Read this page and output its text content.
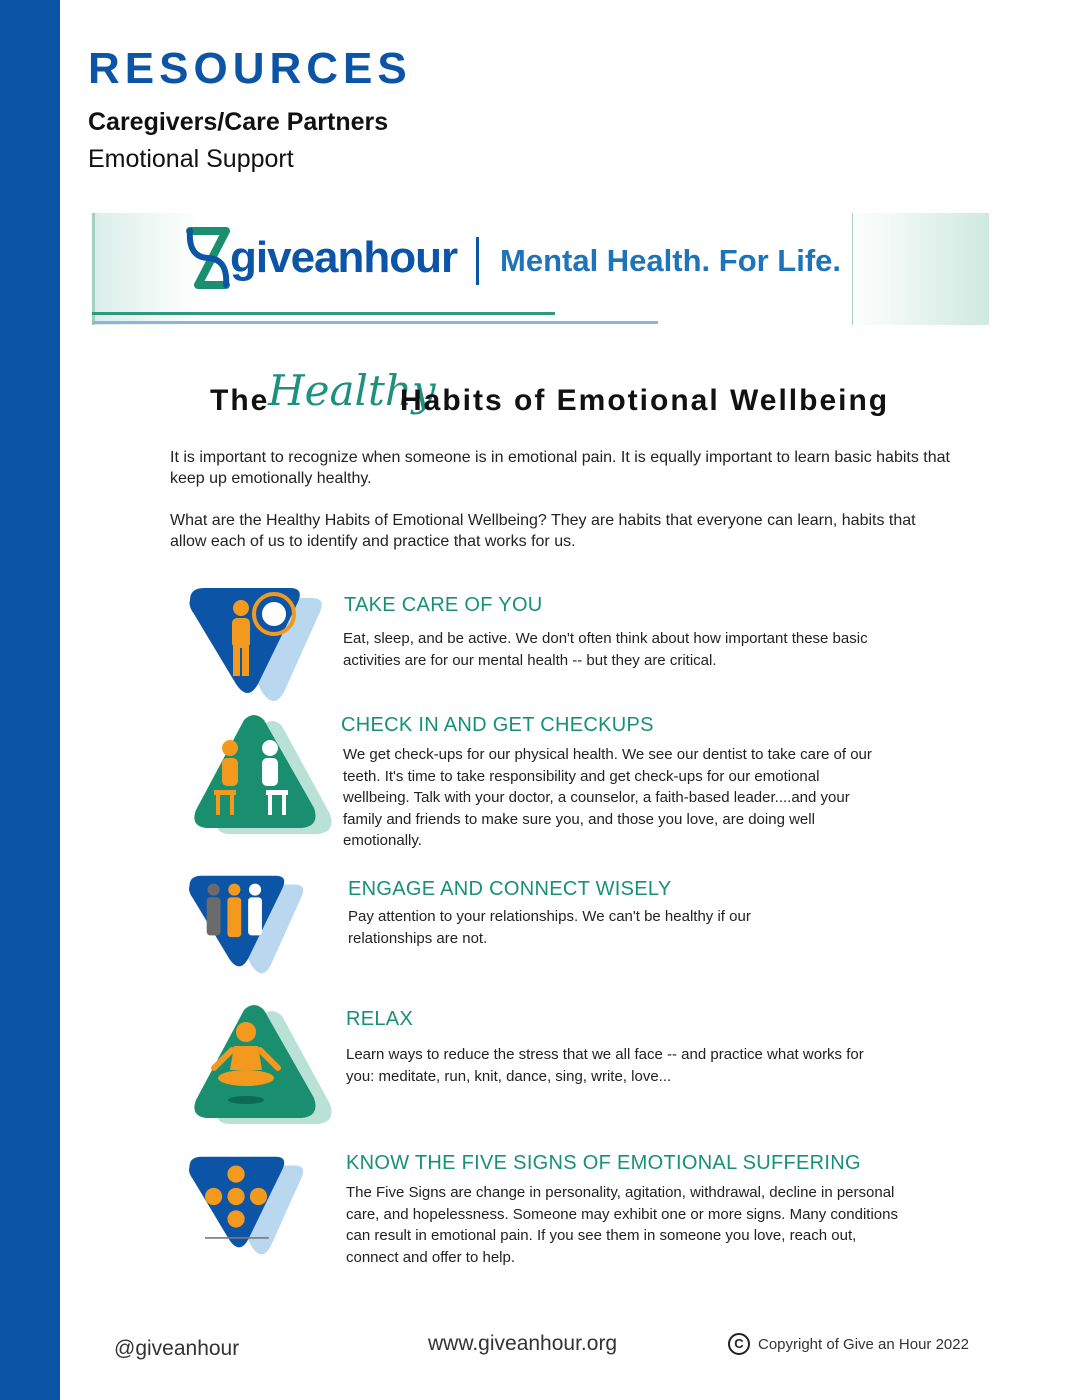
RESOURCES
Caregivers/Care Partners
Emotional Support
giveanhour Mental Health. For Life.
The
Healthy
Habits of Emotional Wellbeing
It is important to recognize when someone is in emotional pain. It is equally important to learn basic habits that keep up emotionally healthy.
What are the Healthy Habits of Emotional Wellbeing? They are habits that everyone can learn, habits that allow each of us to identify and practice that works for us.
TAKE CARE OF YOU
Eat, sleep, and be active. We don't often think about how important these basic activities are for our mental health -- but they are critical.
CHECK IN AND GET CHECKUPS
We get check-ups for our physical health. We see our dentist to take care of our teeth. It's time to take responsibility and get check-ups for our emotional wellbeing. Talk with your doctor, a counselor, a faith-based leader....and your family and friends to make sure you, and those you love, are doing well emotionally.
ENGAGE AND CONNECT WISELY
Pay attention to your relationships. We can't be healthy if our relationships are not.
RELAX
Learn ways to reduce the stress that we all face -- and practice what works for you: meditate, run, knit, dance, sing, write, love...
KNOW THE FIVE SIGNS OF EMOTIONAL SUFFERING
The Five Signs are change in personality, agitation, withdrawal, decline in personal care, and hopelessness. Someone may exhibit one or more signs. Many conditions can result in emotional pain. If you see them in someone you love, reach out, connect and offer to help.
@giveanhour	www.giveanhour.org	C Copyright of Give an Hour 2022
